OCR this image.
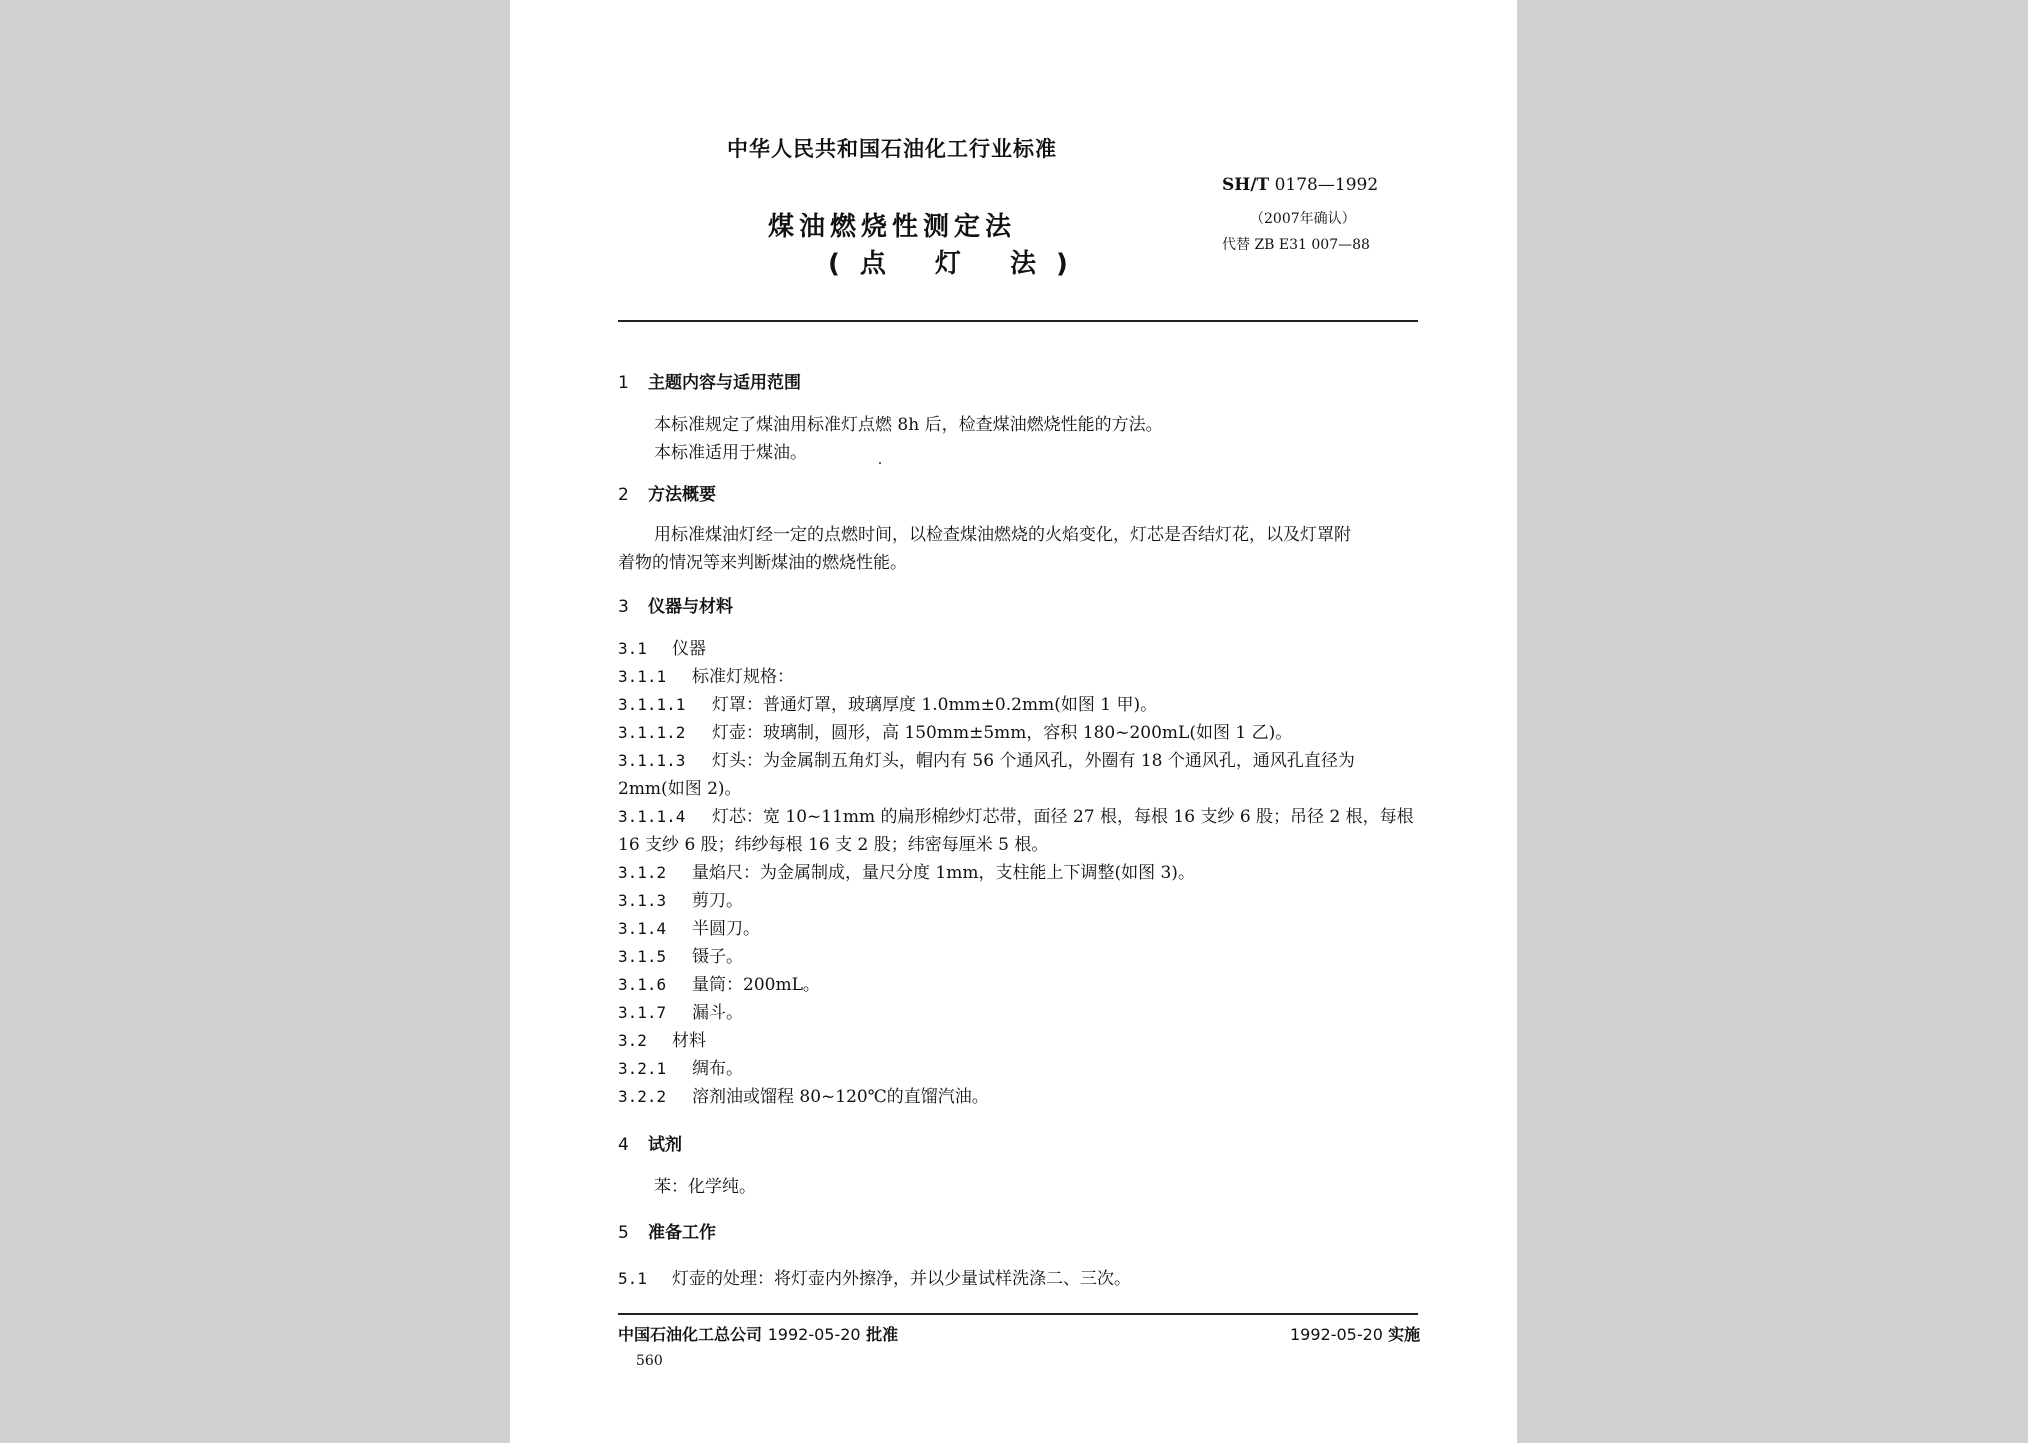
中华人民共和国石油化工行业标准
SH/T 0178—1992
（2007年确认）
代替 ZB E31 007—88
煤油燃烧性测定法
(点 灯 法)
1 主题内容与适用范围
本标准规定了煤油用标准灯点燃 8h 后，检查煤油燃烧性能的方法。
本标准适用于煤油。
2 方法概要
用标准煤油灯经一定的点燃时间，以检查煤油燃烧的火焰变化，灯芯是否结灯花，以及灯罩附
着物的情况等来判断煤油的燃烧性能。
3 仪器与材料
3.1 仪器
3.1.1 标准灯规格：
3.1.1.1 灯罩：普通灯罩，玻璃厚度 1.0mm±0.2mm(如图 1 甲)。
3.1.1.2 灯壶：玻璃制，圆形，高 150mm±5mm，容积 180~200mL(如图 1 乙)。
3.1.1.3 灯头：为金属制五角灯头，帽内有 56 个通风孔，外圈有 18 个通风孔，通风孔直径为
2mm(如图 2)。
3.1.1.4 灯芯：宽 10~11mm 的扁形棉纱灯芯带，面径 27 根，每根 16 支纱 6 股；吊径 2 根，每根
16 支纱 6 股；纬纱每根 16 支 2 股；纬密每厘米 5 根。
3.1.2 量焰尺：为金属制成，量尺分度 1mm，支柱能上下调整(如图 3)。
3.1.3 剪刀。
3.1.4 半圆刀。
3.1.5 镊子。
3.1.6 量筒：200mL。
3.1.7 漏斗。
3.2 材料
3.2.1 绸布。
3.2.2 溶剂油或馏程 80~120℃的直馏汽油。
4 试剂
苯：化学纯。
5 准备工作
5.1 灯壶的处理：将灯壶内外擦净，并以少量试样洗涤二、三次。
中国石油化工总公司 1992-05-20 批准	1992-05-20 实施
560
